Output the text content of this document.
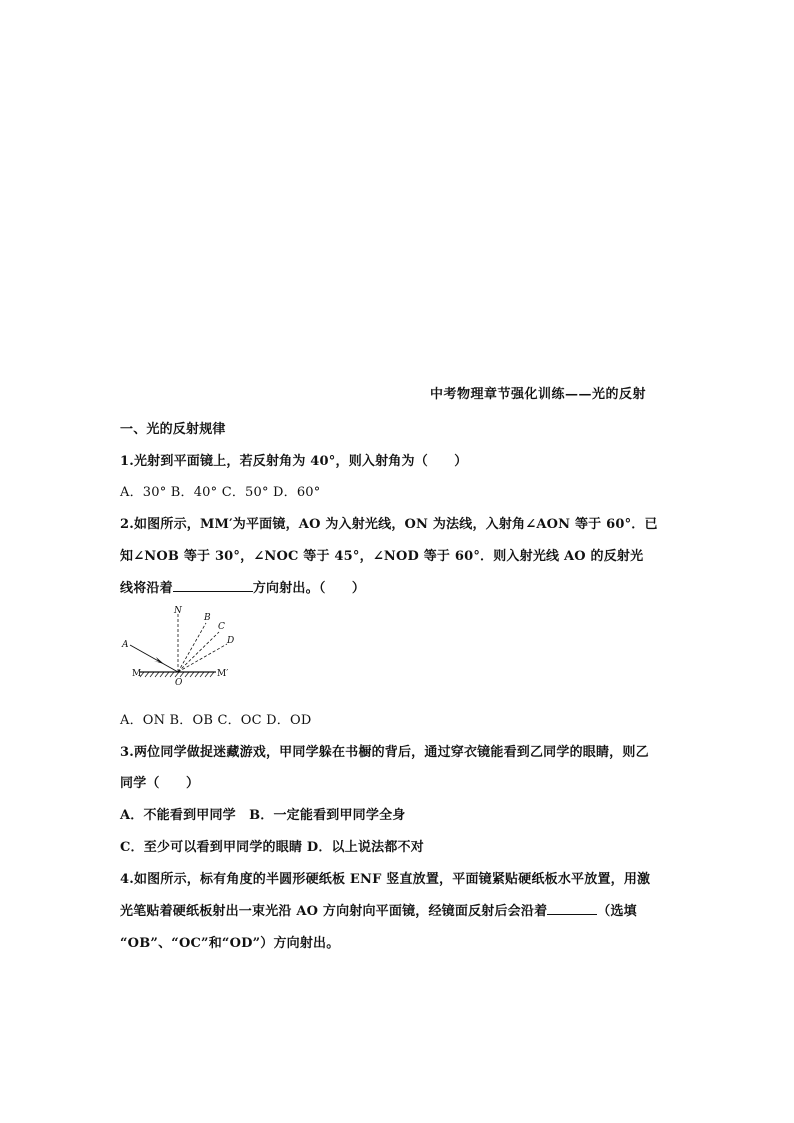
中考物理章节强化训练——光的反射
一、光的反射规律
1.光射到平面镜上，若反射角为 40°，则入射角为（　　）
A．30° B．40° C．50° D．60°
2.如图所示，MM′为平面镜，AO 为入射光线，ON 为法线，入射角∠AON 等于 60°．已
知∠NOB 等于 30°，∠NOC 等于 45°，∠NOD 等于 60°．则入射光线 AO 的反射光
线将沿着	方向射出。（　　）
N
B
C
D
A
M
O
M′
A．ON B．OB C．OC D．OD
3.两位同学做捉迷藏游戏，甲同学躲在书橱的背后，通过穿衣镜能看到乙同学的眼睛，则乙
同学（　　）
A．不能看到甲同学　B．一定能看到甲同学全身
C．至少可以看到甲同学的眼睛 D．以上说法都不对
4.如图所示，标有角度的半圆形硬纸板 ENF 竖直放置，平面镜紧贴硬纸板水平放置，用激
光笔贴着硬纸板射出一束光沿 AO 方向射向平面镜，经镜面反射后会沿着	（选填
“OB”、“OC”和“OD”）方向射出。
